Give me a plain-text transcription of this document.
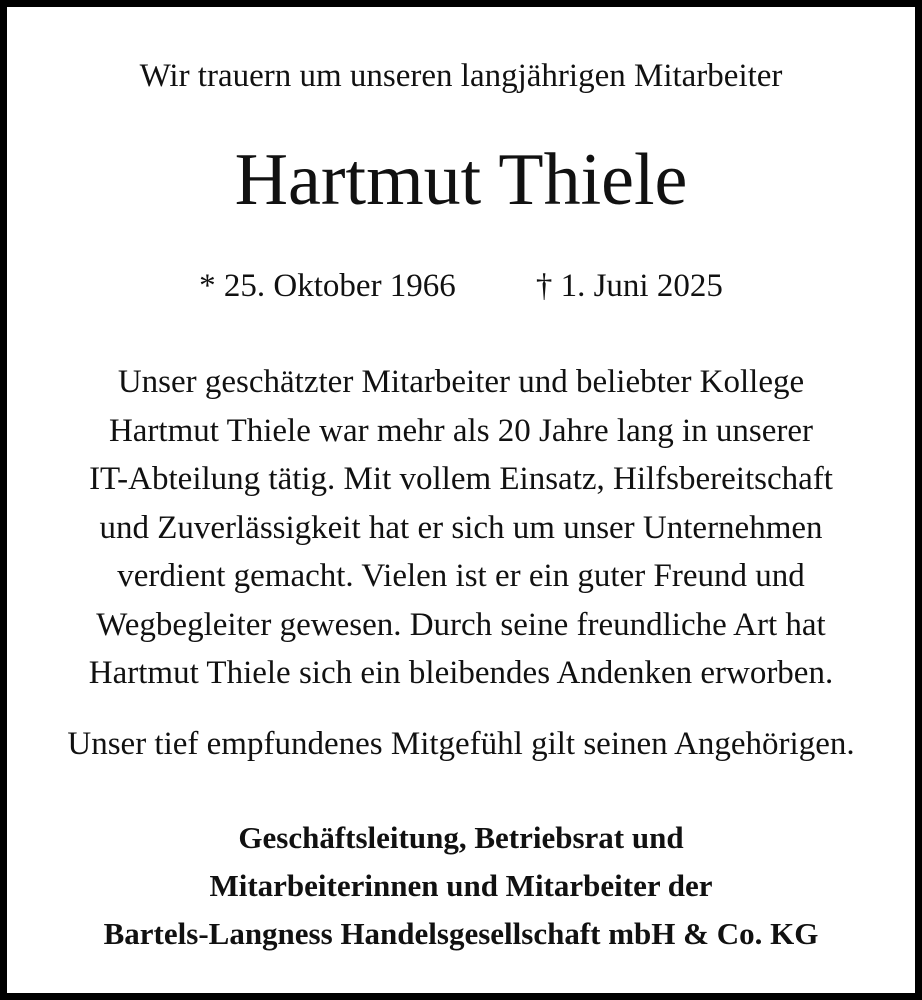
Wir trauern um unseren langjährigen Mitarbeiter
Hartmut Thiele
* 25. Oktober 1966 † 1. Juni 2025
Unser geschätzter Mitarbeiter und beliebter Kollege
Hartmut Thiele war mehr als 20 Jahre lang in unserer
IT-Abteilung tätig. Mit vollem Einsatz, Hilfsbereitschaft
und Zuverlässigkeit hat er sich um unser Unternehmen
verdient gemacht. Vielen ist er ein guter Freund und
Wegbegleiter gewesen. Durch seine freundliche Art hat
Hartmut Thiele sich ein bleibendes Andenken erworben.
Unser tief empfundenes Mitgefühl gilt seinen Angehörigen.
Geschäftsleitung, Betriebsrat und
Mitarbeiterinnen und Mitarbeiter der
Bartels-Langness Handelsgesellschaft mbH & Co. KG
